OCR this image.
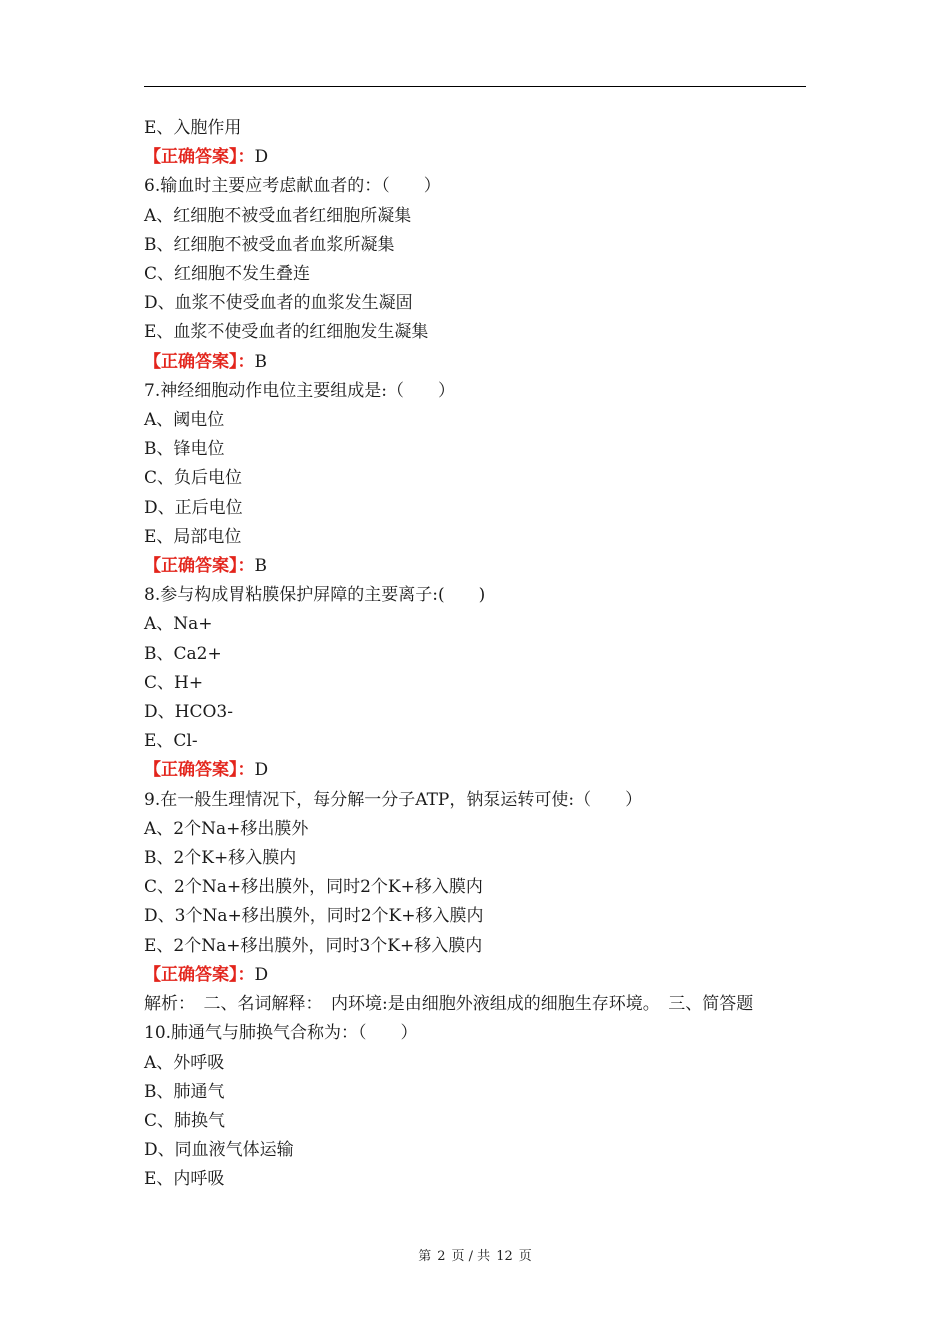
E、入胞作用
【正确答案】：D
6.输血时主要应考虑献血者的：（　　）
A、红细胞不被受血者红细胞所凝集
B、红细胞不被受血者血浆所凝集
C、红细胞不发生叠连
D、血浆不使受血者的血浆发生凝固
E、血浆不使受血者的红细胞发生凝集
【正确答案】：B
7.神经细胞动作电位主要组成是:（　　）
A、阈电位
B、锋电位
C、负后电位
D、正后电位
E、局部电位
【正确答案】：B
8.参与构成胃粘膜保护屏障的主要离子:(　　)
A、Na+
B、Ca2+
C、H+
D、HCO3-
E、Cl-
【正确答案】：D
9.在一般生理情况下，每分解一分子ATP，钠泵运转可使:（　　）
A、2个Na+移出膜外
B、2个K+移入膜内
C、2个Na+移出膜外，同时2个K+移入膜内
D、3个Na+移出膜外，同时2个K+移入膜内
E、2个Na+移出膜外，同时3个K+移入膜内
【正确答案】：D
解析：　二、名词解释：　内环境:是由细胞外液组成的细胞生存环境。　三、简答题
10.肺通气与肺换气合称为：（　　）
A、外呼吸
B、肺通气
C、肺换气
D、同血液气体运输
E、内呼吸
第 2 页 / 共 12 页
